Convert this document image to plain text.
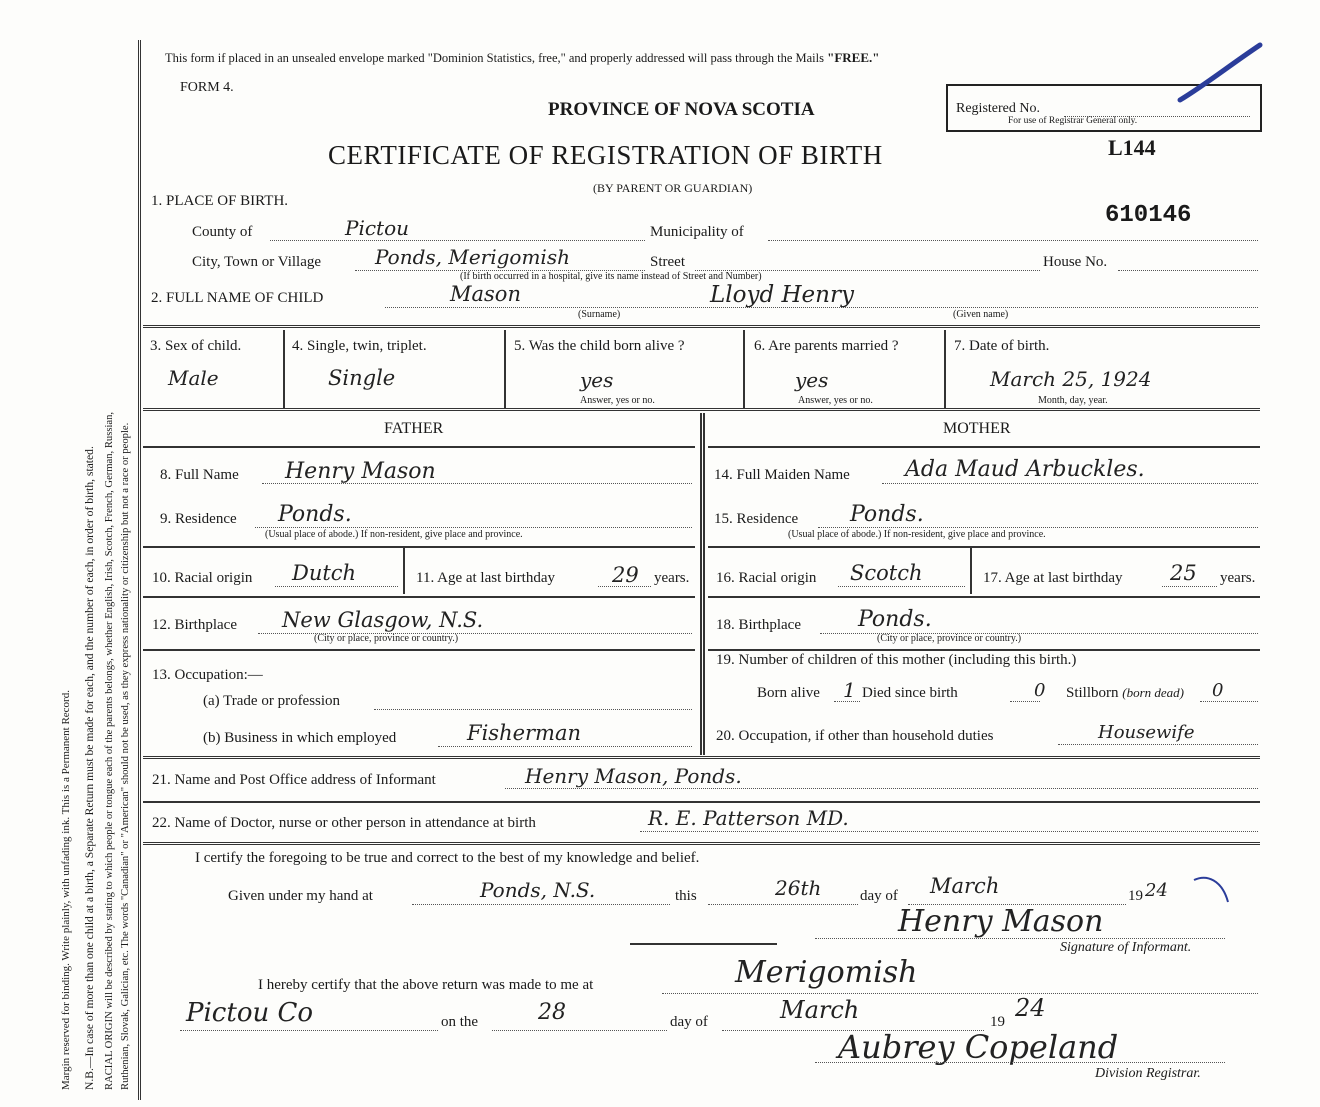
Margin reserved for binding. Write plainly, with unfading ink. This is a Permanent Record. N.B.—In case of more than one child at a birth, a Separate Return must be made for each, and the number of each, in order of birth, stated. RACIAL ORIGIN will be described by stating to which people or tongue each of the parents belongs, whether English, Irish, Scotch, French, German, Russian, Ruthenian, Slovak, Galician, etc. The words "Canadian" or "American" should not be used, as they express nationality or citizenship but not a race or people.
This form if placed in an unsealed envelope marked "Dominion Statistics, free," and properly addressed will pass through the Mails "FREE."
FORM 4.
PROVINCE OF NOVA SCOTIA
CERTIFICATE OF REGISTRATION OF BIRTH
(BY PARENT OR GUARDIAN)
Registered No.
For use of Registrar General only.
L144
610146
1. PLACE OF BIRTH.
County of	Pictou	Municipality of
City, Town or Village	Ponds, Merigomish	Street	House No.
(If birth occurred in a hospital, give its name instead of Street and Number)
2. FULL NAME OF CHILD	Mason	Lloyd Henry
(Surname)	(Given name)
3. Sex of child.
Male
4. Single, twin, triplet.
Single
5. Was the child born alive ?
yes
Answer, yes or no.
6. Are parents married ?
yes
Answer, yes or no.
7. Date of birth.
March 25, 1924
Month, day, year.
FATHER	MOTHER
8. Full Name Henry Mason
9. Residence Ponds.
(Usual place of abode.) If non-resident, give place and province.
10. Racial origin Dutch	11. Age at last birthday	29 years.
12. Birthplace New Glasgow, N.S.
(City or place, province or country.)
13. Occupation:—
(a) Trade or profession
(b) Business in which employed	Fisherman
14. Full Maiden Name	Ada Maud Arbuckles.
15. Residence Ponds.
(Usual place of abode.) If non-resident, give place and province.
16. Racial origin Scotch	17. Age at last birthday 25 years.
18. Birthplace	Ponds.
(City or place, province or country.)
19. Number of children of this mother (including this birth.)
Born alive 1 Died since birth	0 Stillborn (born dead) 0
20. Occupation, if other than household duties	Housewife
21. Name and Post Office address of Informant	Henry Mason, Ponds.
22. Name of Doctor, nurse or other person in attendance at birth	R. E. Patterson MD.
I certify the foregoing to be true and correct to the best of my knowledge and belief.
Given under my hand at	Ponds, N.S.	this	26th	day of March	19 24
Henry Mason
Signature of Informant.
I hereby certify that the above return was made to me at	Merigomish
Pictou Co	on the	28	day of	March	19 24
Aubrey Copeland
Division Registrar.
